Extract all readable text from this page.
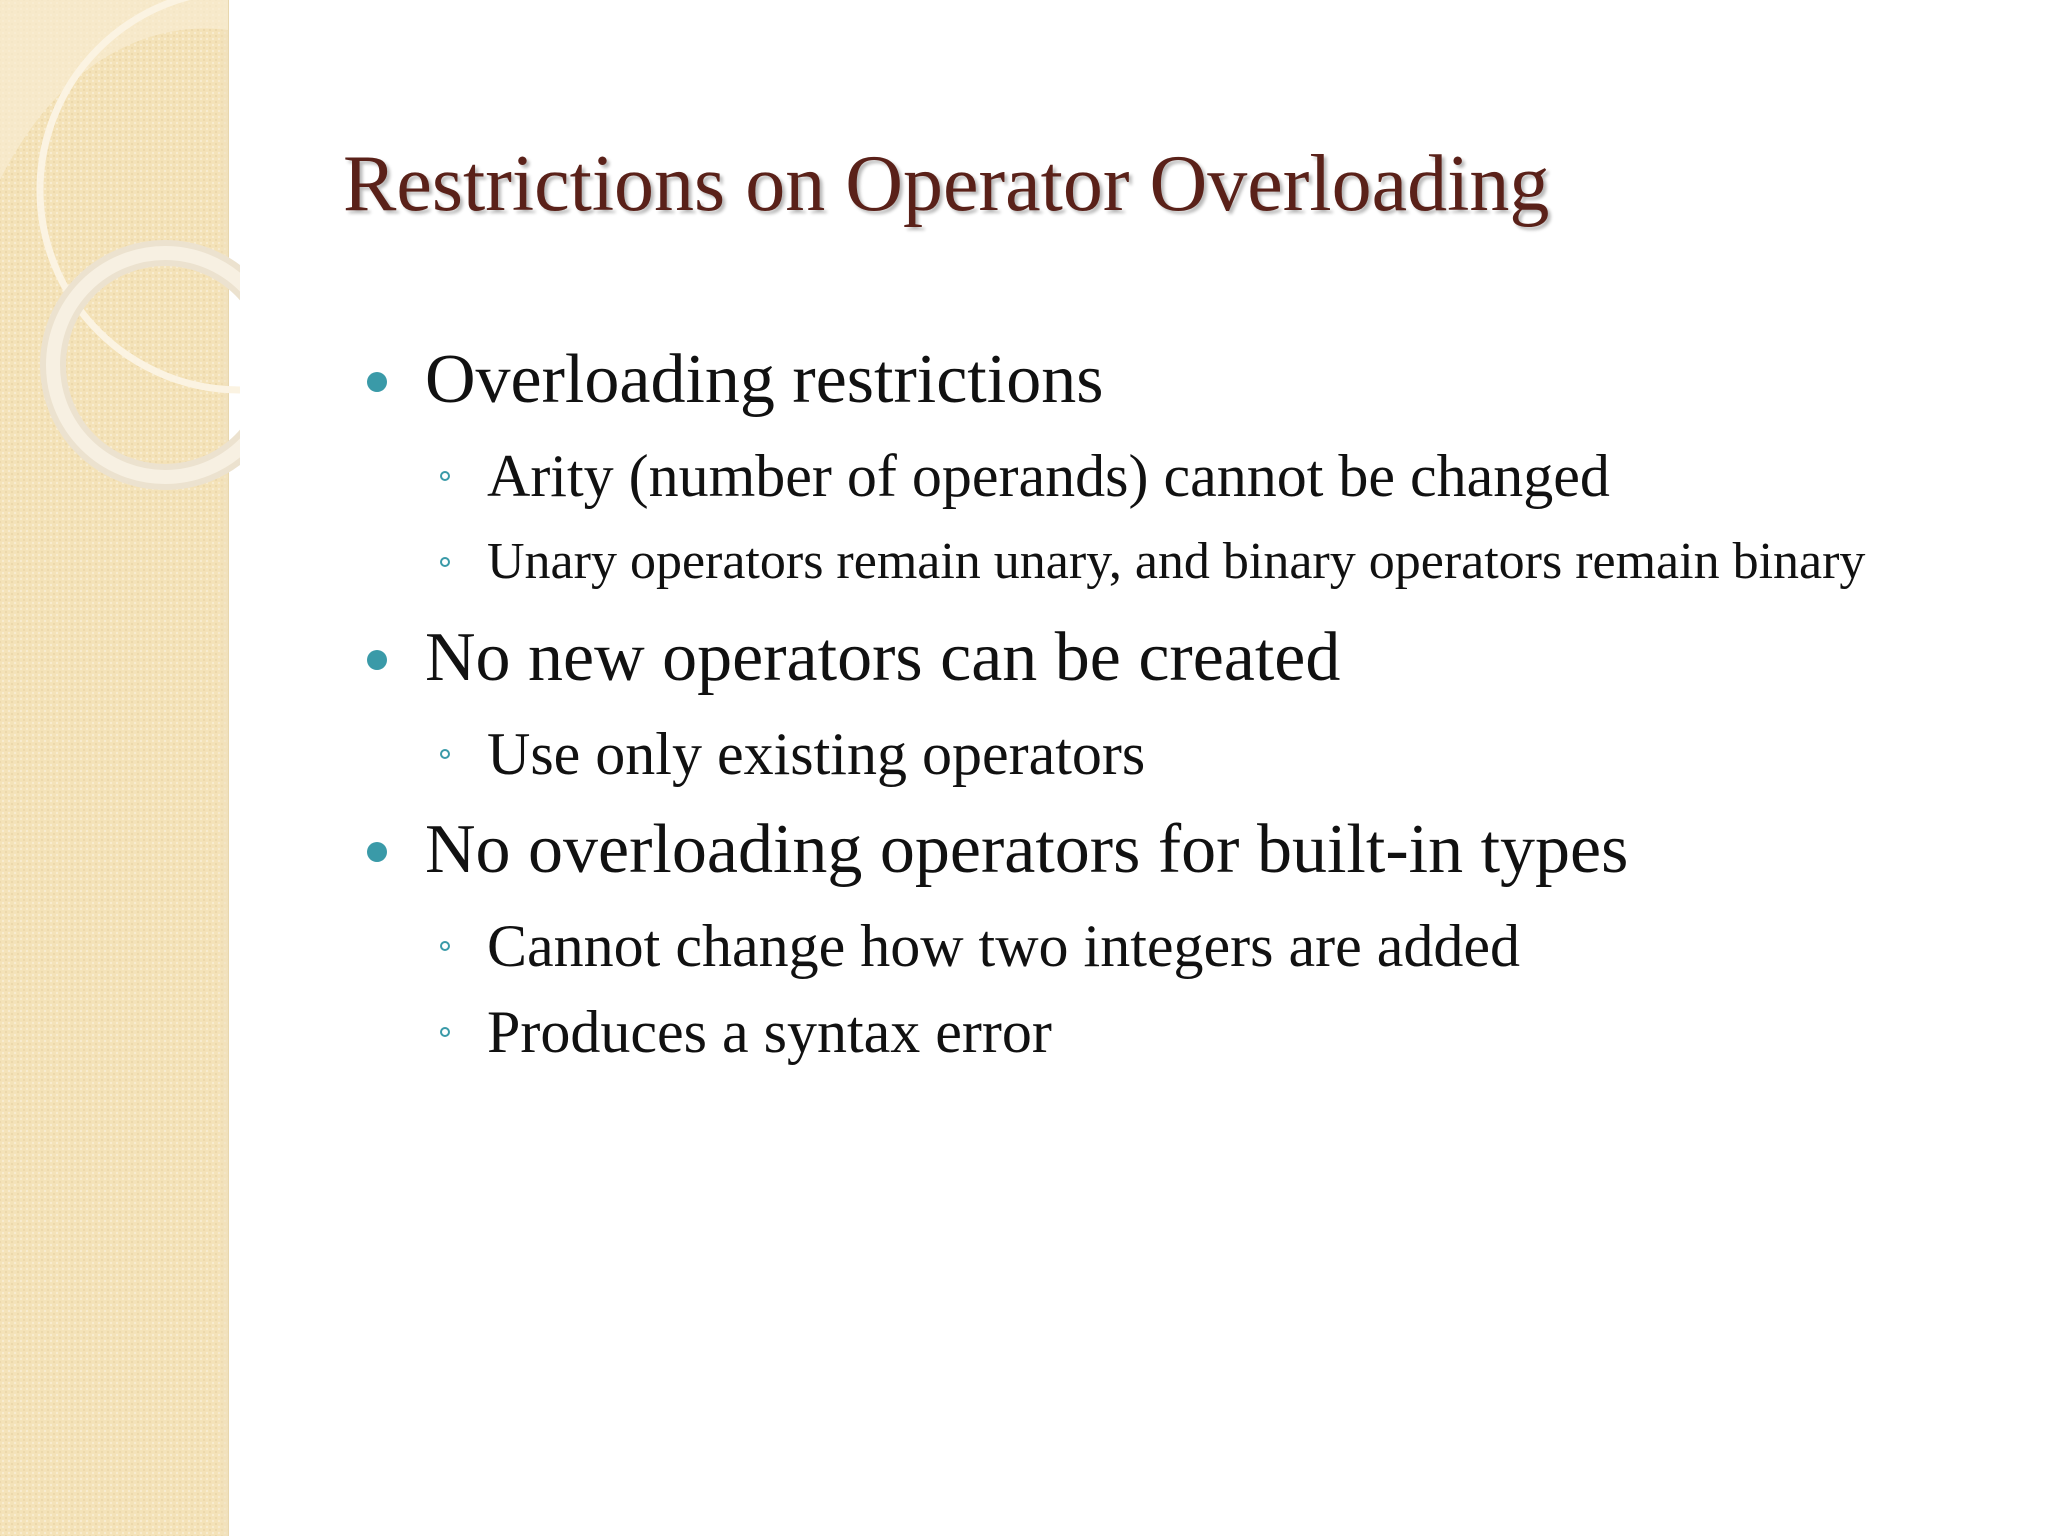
Restrictions on Operator Overloading
Overloading restrictions
Arity (number of operands) cannot be changed
Unary operators remain unary, and binary operators remain binary
No new operators can be created
Use only existing operators
No overloading operators for built-in types
Cannot change how two integers are added
Produces a syntax error
